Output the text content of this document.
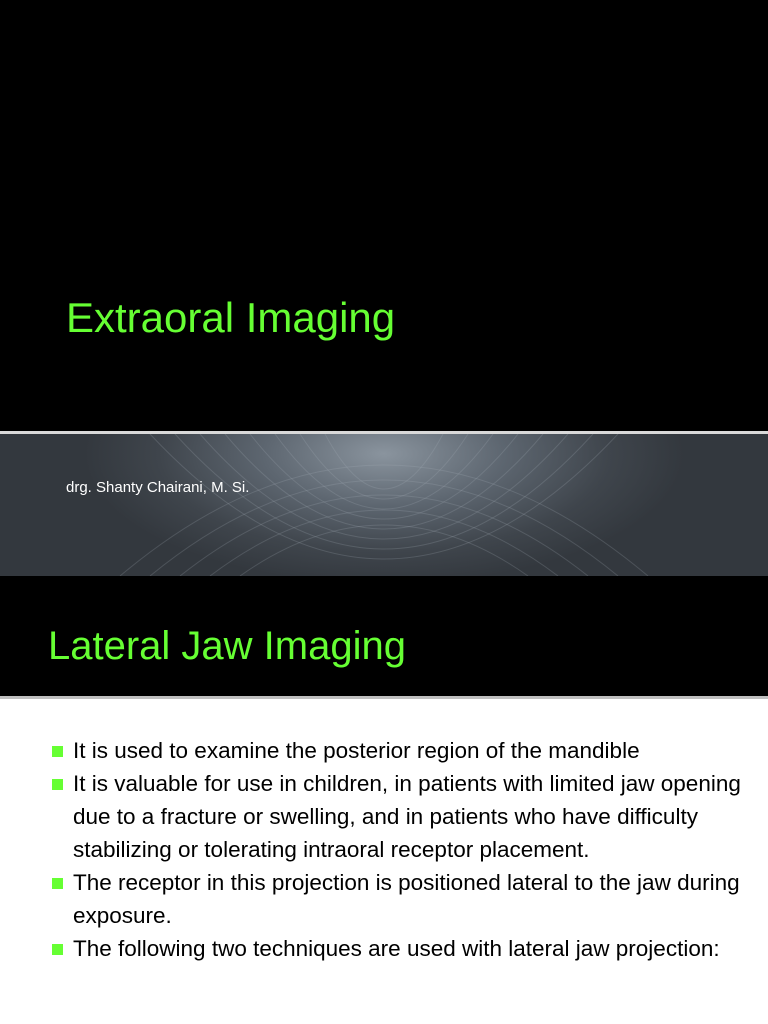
Extraoral Imaging
drg. Shanty Chairani, M. Si.
Lateral Jaw Imaging
It is used to examine the posterior region of the mandible
It is valuable for use in children, in patients with limited jaw opening due to a fracture or swelling, and in patients who have difficulty stabilizing or tolerating intraoral receptor placement.
The receptor in this projection is positioned lateral to the jaw during exposure.
The following two techniques are used with lateral jaw projection:
